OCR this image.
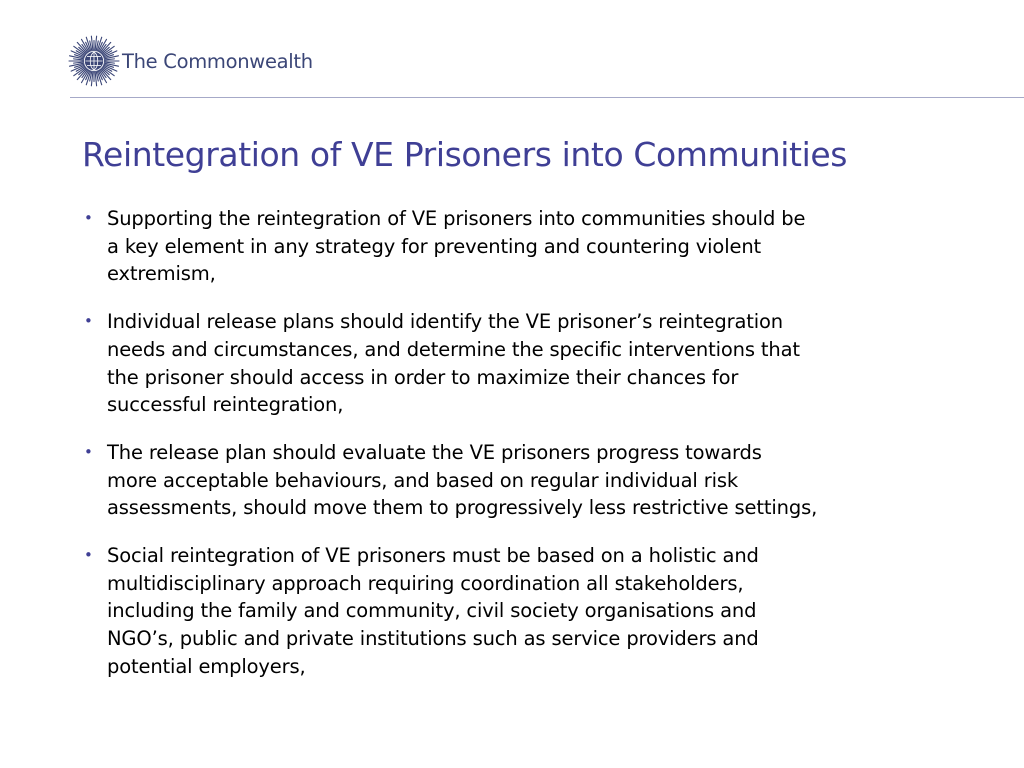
The Commonwealth
Reintegration of VE Prisoners into Communities
• Supporting the reintegration of VE prisoners into communities should be
a key element in any strategy for preventing and countering violent
extremism,
• Individual release plans should identify the VE prisoner’s reintegration
needs and circumstances, and determine the specific interventions that
the prisoner should access in order to maximize their chances for
successful reintegration,
• The release plan should evaluate the VE prisoners progress towards
more acceptable behaviours, and based on regular individual risk
assessments, should move them to progressively less restrictive settings,
• Social reintegration of VE prisoners must be based on a holistic and
multidisciplinary approach requiring coordination all stakeholders,
including the family and community, civil society organisations and
NGO’s, public and private institutions such as service providers and
potential employers,
